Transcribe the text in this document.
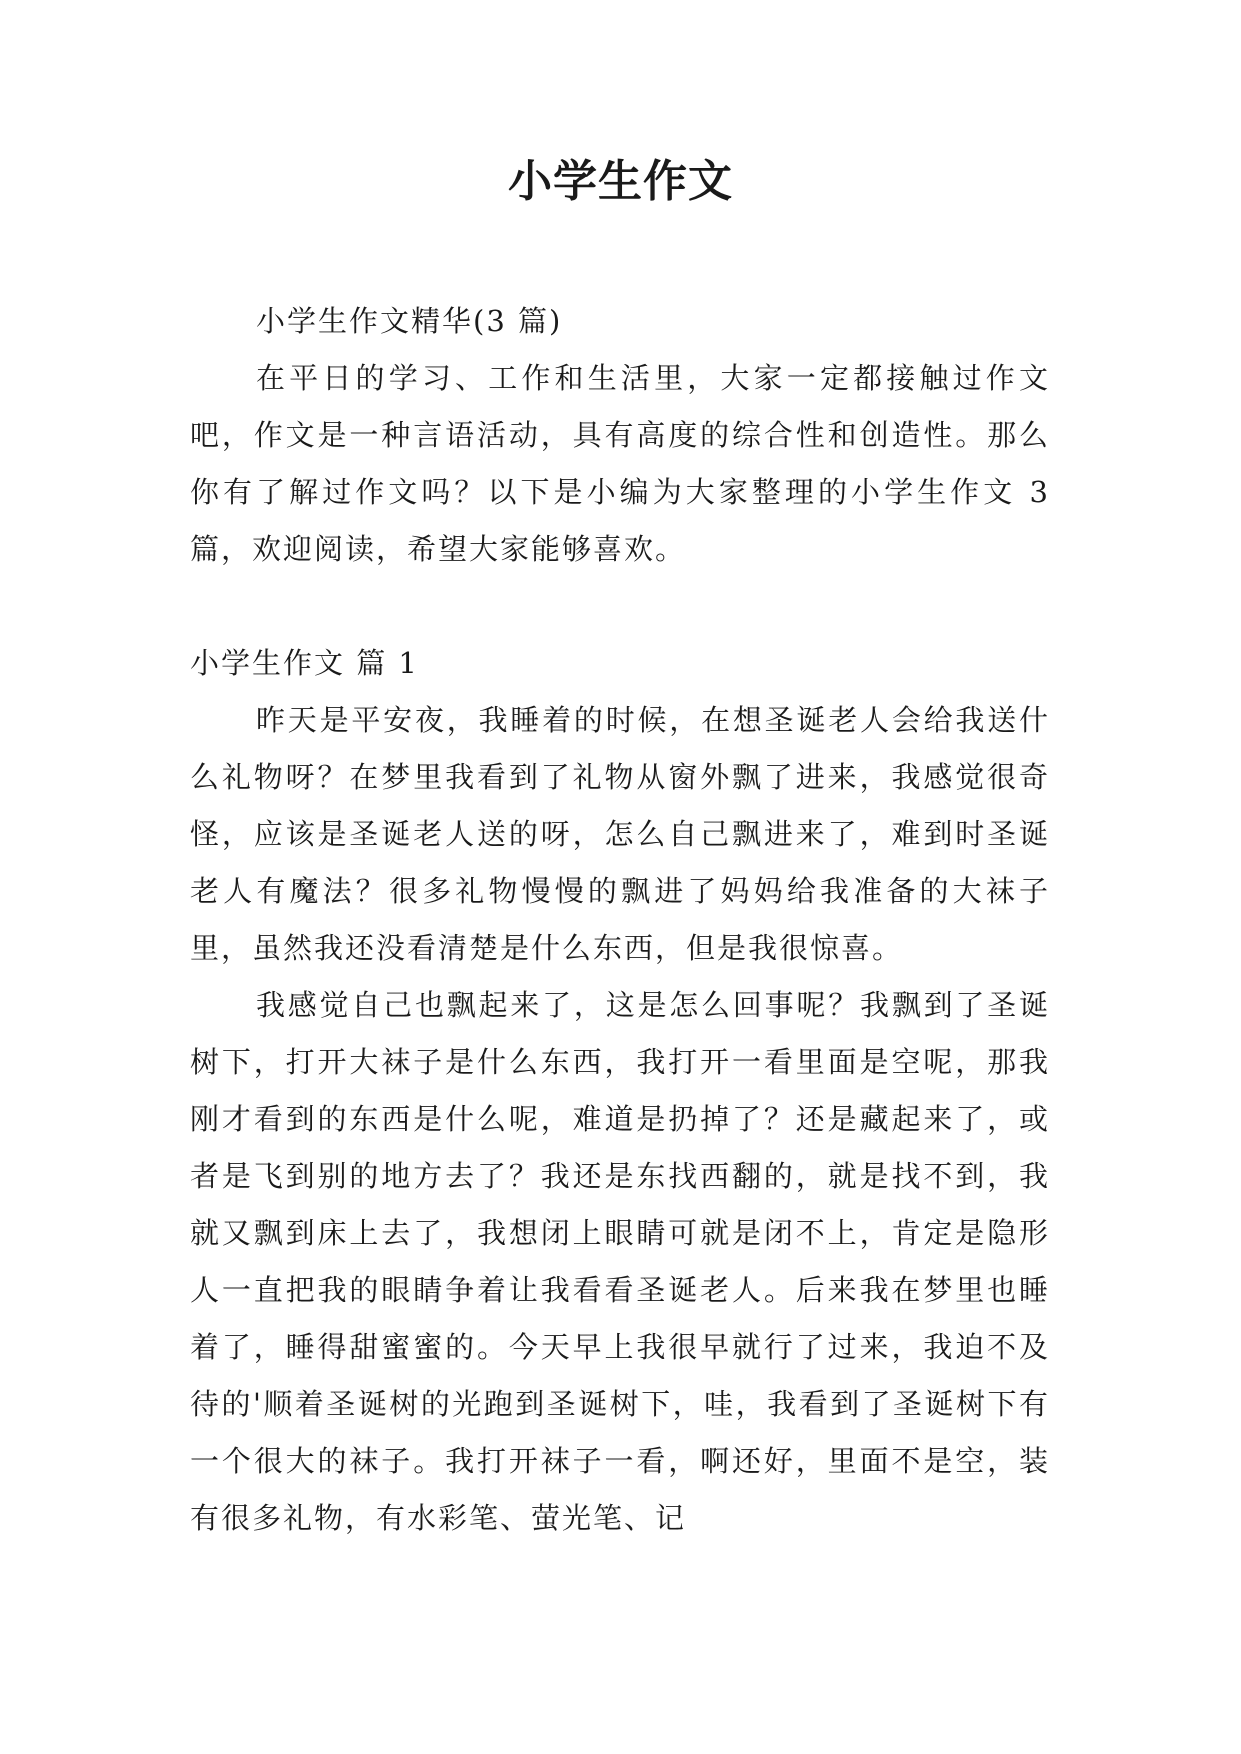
小学生作文

小学生作文精华(3 篇)

在平日的学习、工作和生活里，大家一定都接触过作文吧，作文是一种言语活动，具有高度的综合性和创造性。那么你有了解过作文吗？以下是小编为大家整理的小学生作文 3 篇，欢迎阅读，希望大家能够喜欢。

小学生作文 篇 1

昨天是平安夜，我睡着的时候，在想圣诞老人会给我送什么礼物呀？在梦里我看到了礼物从窗外飘了进来，我感觉很奇怪，应该是圣诞老人送的呀，怎么自己飘进来了，难到时圣诞老人有魔法？很多礼物慢慢的飘进了妈妈给我准备的大袜子里，虽然我还没看清楚是什么东西，但是我很惊喜。

我感觉自己也飘起来了，这是怎么回事呢？我飘到了圣诞树下，打开大袜子是什么东西，我打开一看里面是空呢，那我刚才看到的东西是什么呢，难道是扔掉了？还是藏起来了，或者是飞到别的地方去了？我还是东找西翻的，就是找不到，我就又飘到床上去了，我想闭上眼睛可就是闭不上，肯定是隐形人一直把我的眼睛争着让我看看圣诞老人。后来我在梦里也睡着了，睡得甜蜜蜜的。今天早上我很早就行了过来，我迫不及待的'顺着圣诞树的光跑到圣诞树下，哇，我看到了圣诞树下有一个很大的袜子。我打开袜子一看，啊还好，里面不是空，装有很多礼物，有水彩笔、萤光笔、记
